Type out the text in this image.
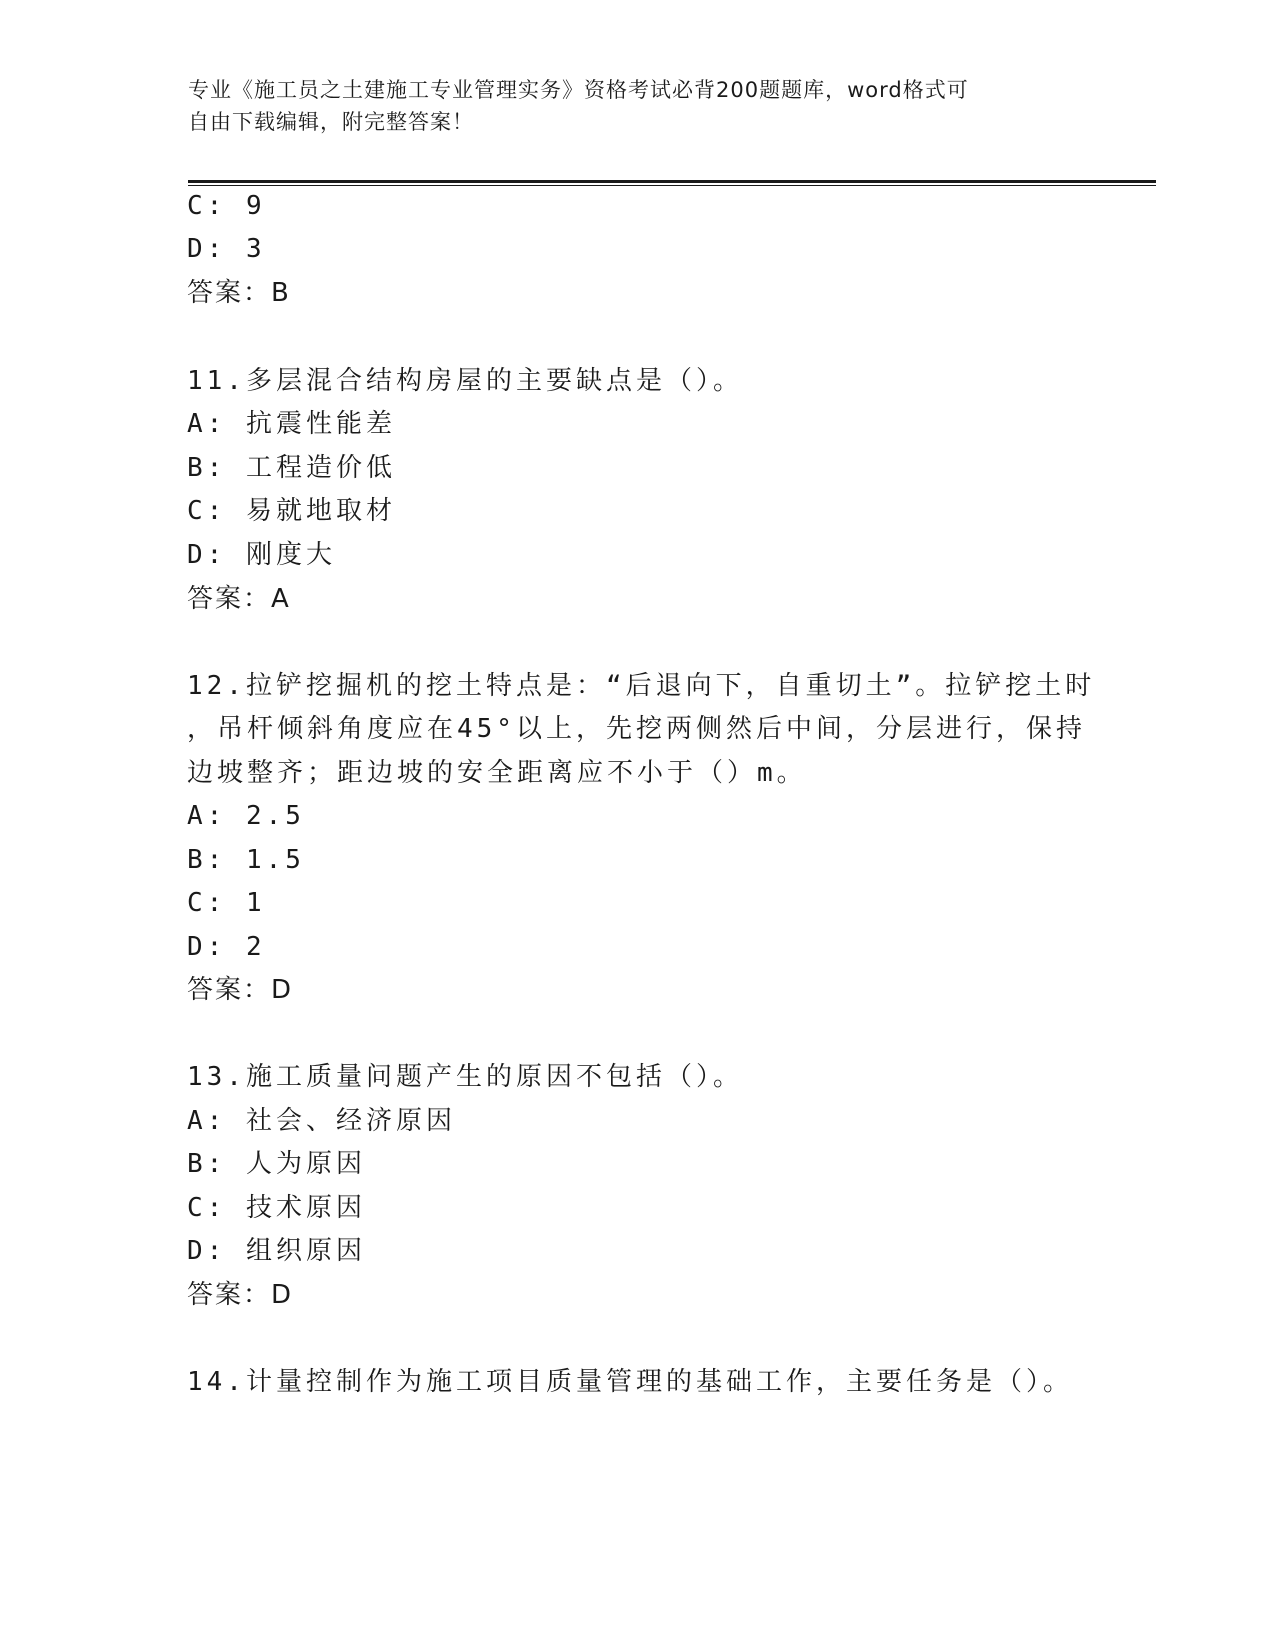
专业《施工员之土建施工专业管理实务》资格考试必背200题题库，word格式可
自由下载编辑，附完整答案！
C: 9
D: 3
答案：B
11.多层混合结构房屋的主要缺点是（）。
A: 抗震性能差
B: 工程造价低
C: 易就地取材
D: 刚度大
答案：A
12.拉铲挖掘机的挖土特点是：“后退向下，自重切土”。拉铲挖土时
，吊杆倾斜角度应在45°以上，先挖两侧然后中间，分层进行，保持
边坡整齐；距边坡的安全距离应不小于（）m。
A: 2.5
B: 1.5
C: 1
D: 2
答案：D
13.施工质量问题产生的原因不包括（）。
A: 社会、经济原因
B: 人为原因
C: 技术原因
D: 组织原因
答案：D
14.计量控制作为施工项目质量管理的基础工作，主要任务是（）。
